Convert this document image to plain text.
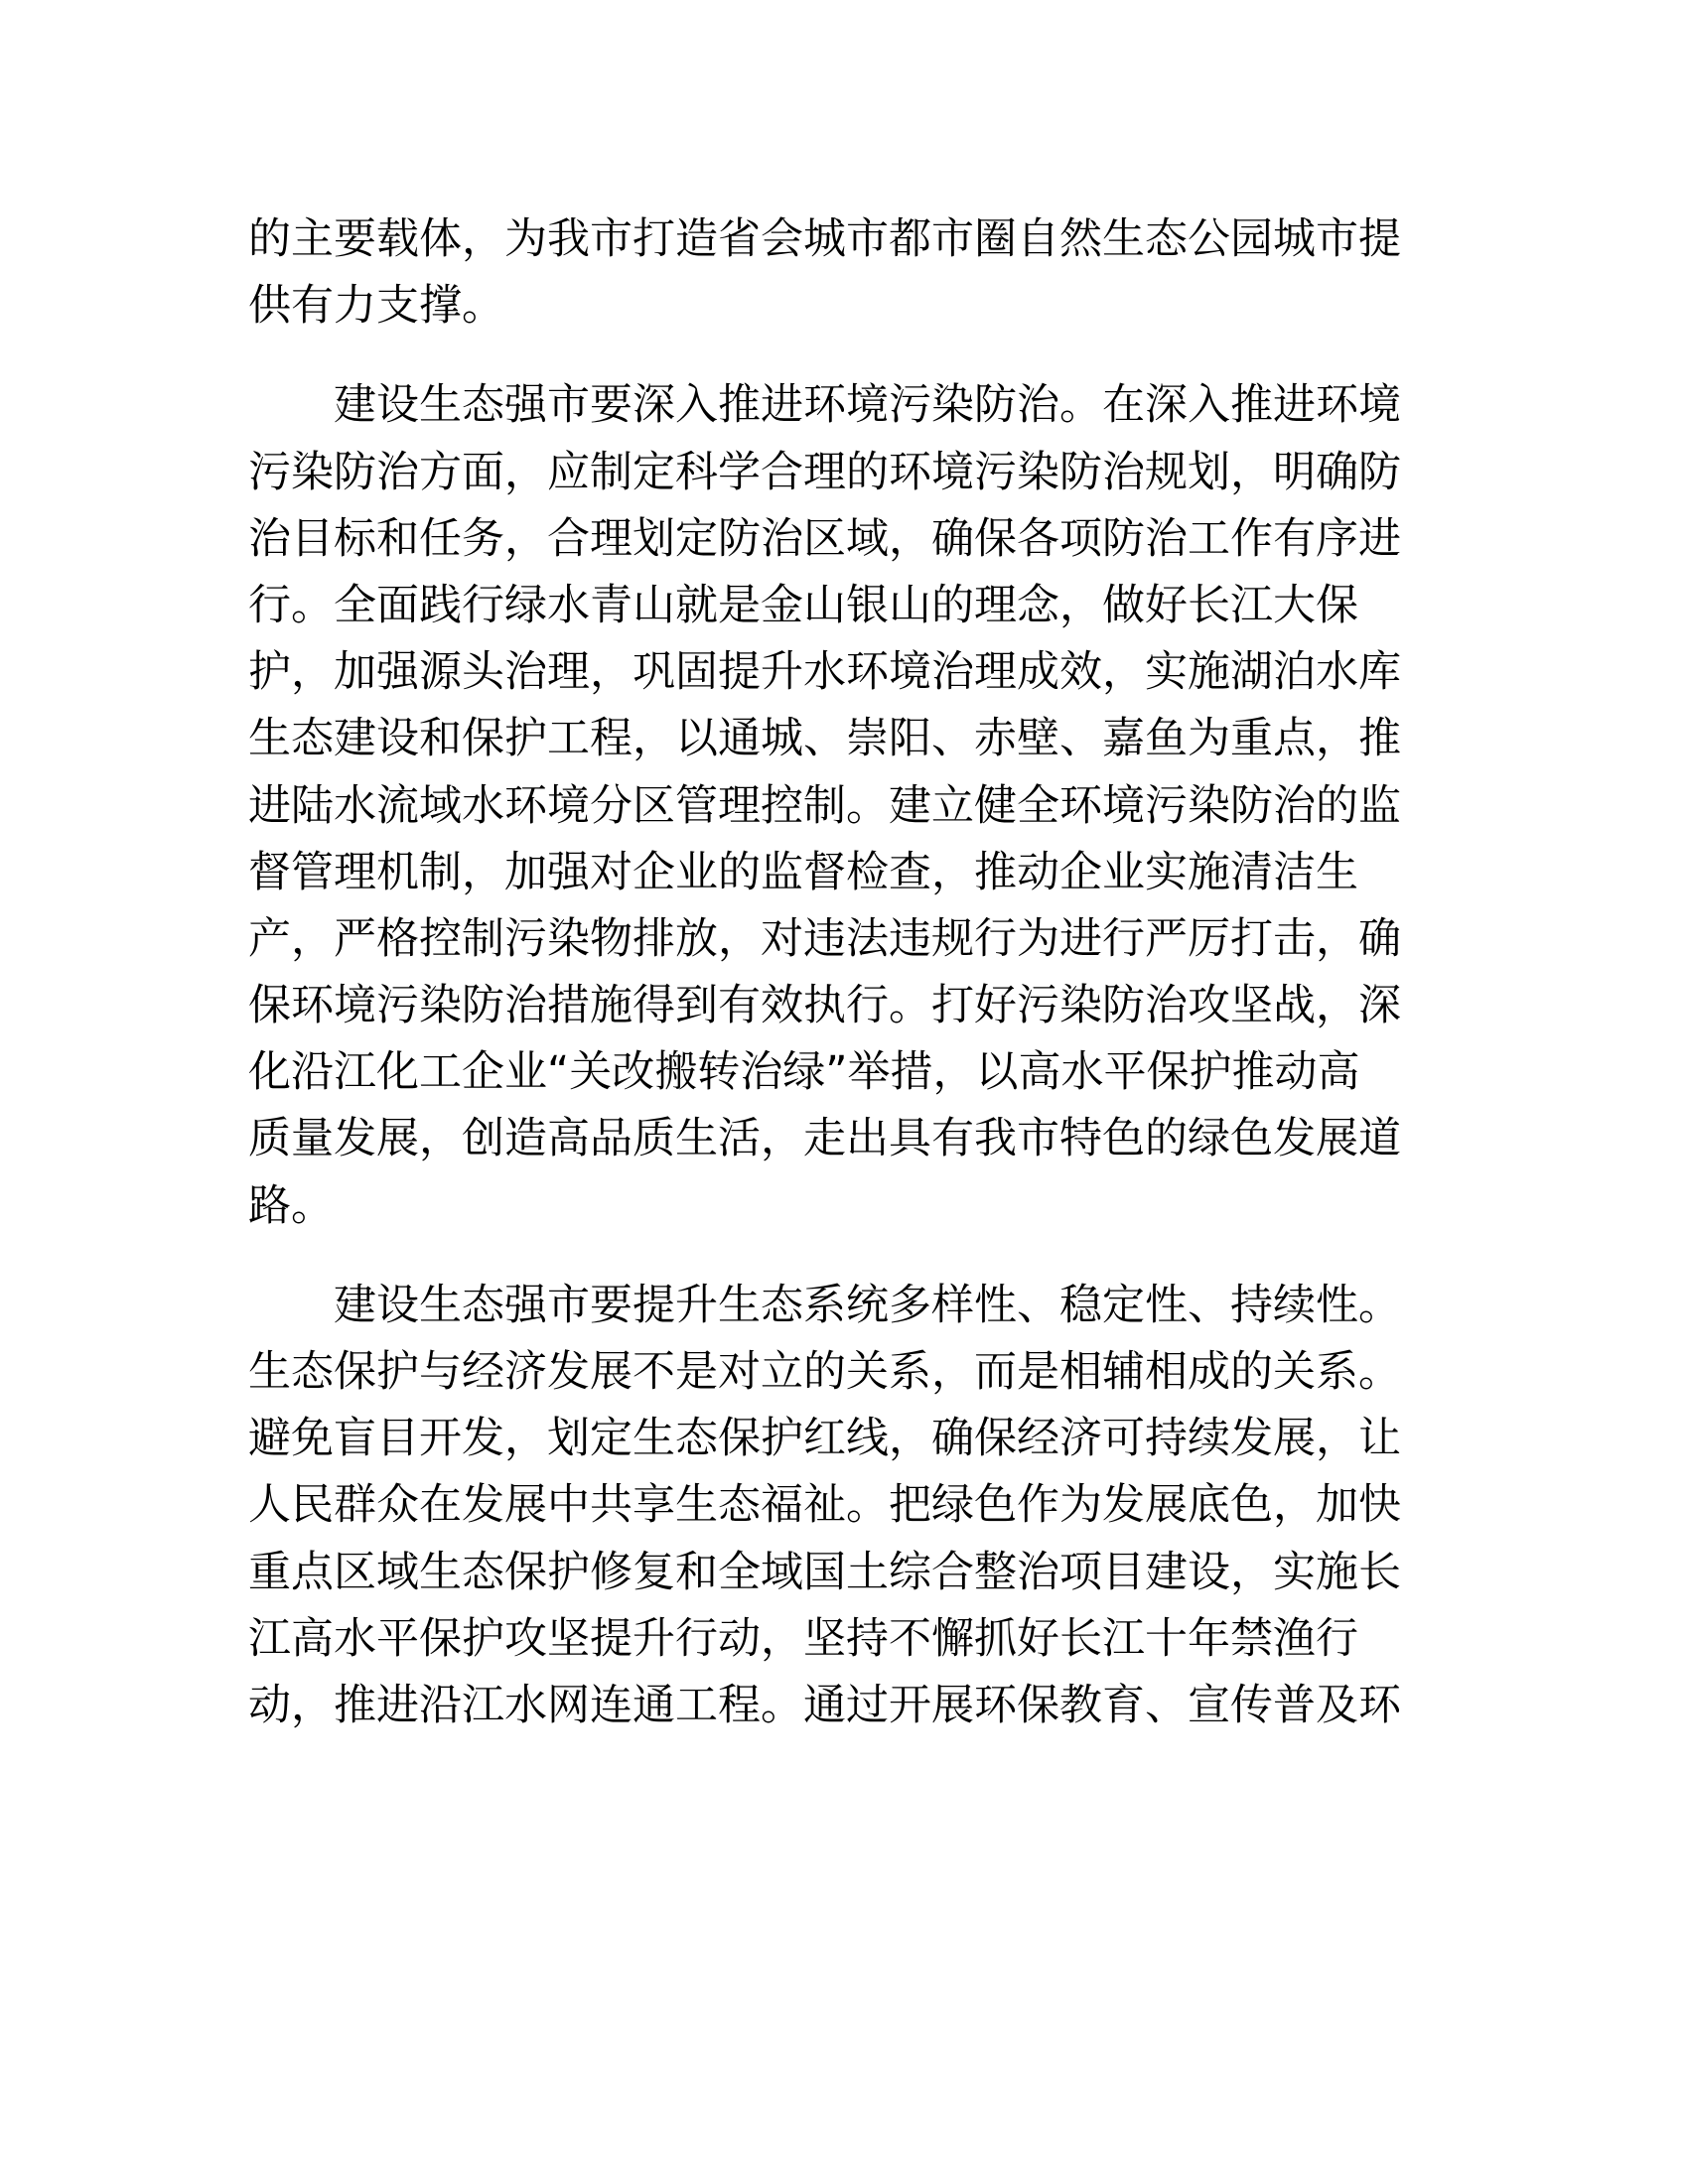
的主要载体，为我市打造省会城市都市圈自然生态公园城市提
供有力支撑。
　　建设生态强市要深入推进环境污染防治。在深入推进环境
污染防治方面，应制定科学合理的环境污染防治规划，明确防
治目标和任务，合理划定防治区域，确保各项防治工作有序进
行。全面践行绿水青山就是金山银山的理念，做好长江大保
护，加强源头治理，巩固提升水环境治理成效，实施湖泊水库
生态建设和保护工程，以通城、崇阳、赤壁、嘉鱼为重点，推
进陆水流域水环境分区管理控制。建立健全环境污染防治的监
督管理机制，加强对企业的监督检查，推动企业实施清洁生
产，严格控制污染物排放，对违法违规行为进行严厉打击，确
保环境污染防治措施得到有效执行。打好污染防治攻坚战，深
化沿江化工企业“关改搬转治绿”举措，以高水平保护推动高
质量发展，创造高品质生活，走出具有我市特色的绿色发展道
路。
　　建设生态强市要提升生态系统多样性、稳定性、持续性。
生态保护与经济发展不是对立的关系，而是相辅相成的关系。
避免盲目开发，划定生态保护红线，确保经济可持续发展，让
人民群众在发展中共享生态福祉。把绿色作为发展底色，加快
重点区域生态保护修复和全域国土综合整治项目建设，实施长
江高水平保护攻坚提升行动，坚持不懈抓好长江十年禁渔行
动，推进沿江水网连通工程。通过开展环保教育、宣传普及环
